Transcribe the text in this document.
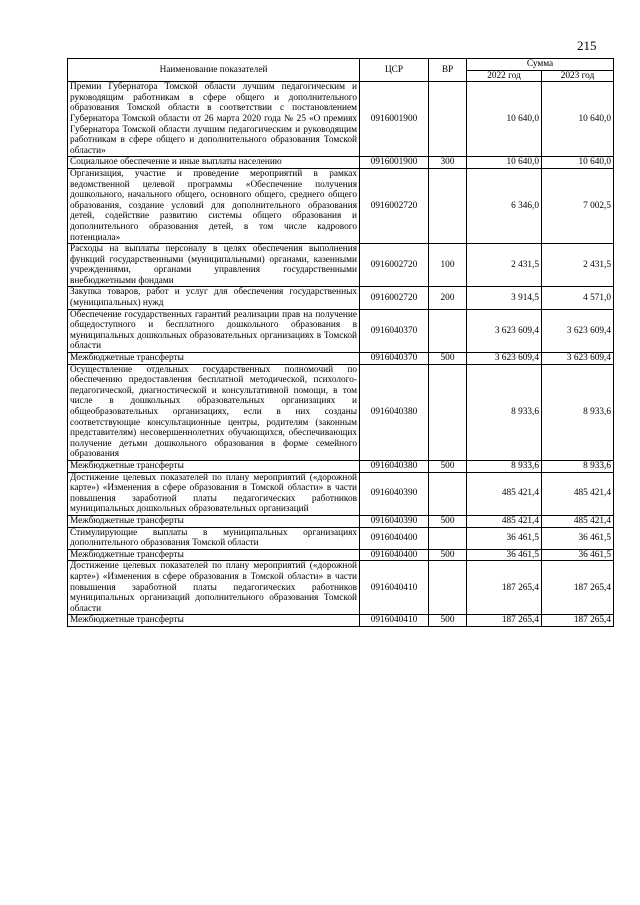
215
Наименование показателей	ЦСР	ВР	Сумма	
			2022 год	2023 год
Премии Губернатора Томской области лучшим педагогическим и руководящим работникам в сфере общего и дополнительного образования Томской области в соответствии с постановлением Губернатора Томской области от 26 марта 2020 года № 25 «О премиях Губернатора Томской области лучшим педагогическим и руководящим работникам в сфере общего и дополнительного образования Томской области»	0916001900		10 640,0	10 640,0
Социальное обеспечение и иные выплаты населению	0916001900	300	10 640,0	10 640,0
Организация, участие и проведение мероприятий в рамках ведомственной целевой программы «Обеспечение получения дошкольного, начального общего, основного общего, среднего общего образования, создание условий для дополнительного образования детей, содействие развитию системы общего образования и дополнительного образования детей, в том числе кадрового потенциала»	0916002720		6 346,0	7 002,5
Расходы на выплаты персоналу в целях обеспечения выполнения функций государственными (муниципальными) органами, казенными учреждениями, органами управления государственными внебюджетными фондами	0916002720	100	2 431,5	2 431,5
Закупка товаров, работ и услуг для обеспечения государственных (муниципальных) нужд	0916002720	200	3 914,5	4 571,0
Обеспечение государственных гарантий реализации прав на получение общедоступного и бесплатного дошкольного образования в муниципальных дошкольных образовательных организациях в Томской области	0916040370		3 623 609,4	3 623 609,4
Межбюджетные трансферты	0916040370	500	3 623 609,4	3 623 609,4
Осуществление отдельных государственных полномочий по обеспечению предоставления бесплатной методической, психолого-педагогической, диагностической и консультативной помощи, в том числе в дошкольных образовательных организациях и общеобразовательных организациях, если в них созданы соответствующие консультационные центры, родителям (законным представителям) несовершеннолетних обучающихся, обеспечивающих получение детьми дошкольного образования в форме семейного образования	0916040380		8 933,6	8 933,6
Межбюджетные трансферты	0916040380	500	8 933,6	8 933,6
Достижение целевых показателей по плану мероприятий («дорожной карте») «Изменения в сфере образования в Томской области» в части повышения заработной платы педагогических работников муниципальных дошкольных образовательных организаций	0916040390		485 421,4	485 421,4
Межбюджетные трансферты	0916040390	500	485 421,4	485 421,4
Стимулирующие выплаты в муниципальных организациях дополнительного образования Томской области	0916040400		36 461,5	36 461,5
Межбюджетные трансферты	0916040400	500	36 461,5	36 461,5
Достижение целевых показателей по плану мероприятий («дорожной карте») «Изменения в сфере образования в Томской области» в части повышения заработной платы педагогических работников муниципальных организаций дополнительного образования Томской области	0916040410		187 265,4	187 265,4
Межбюджетные трансферты	0916040410	500	187 265,4	187 265,4
